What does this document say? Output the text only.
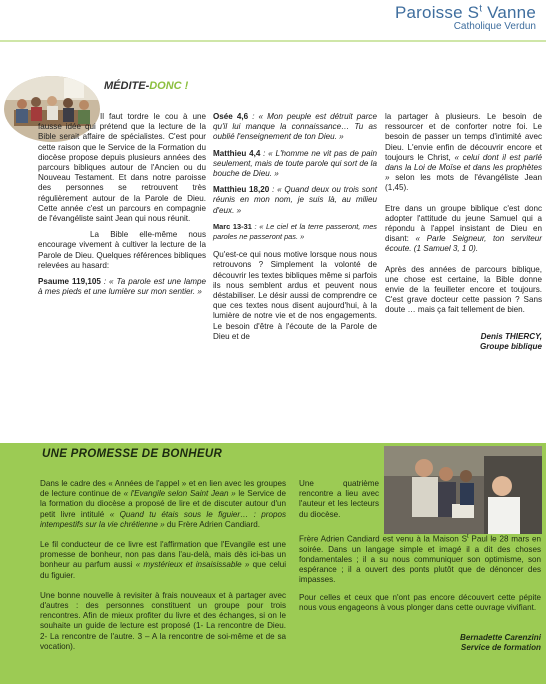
Paroisse $S^t$ Vanne
Catholique Verdun
MÉDITE-DONC !

Il faut tordre le cou à une fausse idée qui prétend que la lecture de la Bible serait affaire de spécialistes. C'est pour cette raison que le Service de la Formation du diocèse propose depuis plusieurs années des parcours bibliques autour de l'Ancien ou du Nouveau Testament. Et dans notre paroisse des personnes se retrouvent très régulièrement autour de la Parole de Dieu. Cette année c'est un parcours en compagnie de l'évangéliste saint Jean qui nous réunit.

La Bible elle-même nous encourage vivement à cultiver la lecture de la Parole de Dieu. Quelques références bibliques relevées au hasard:

Psaume 119,105 : « Ta parole est une lampe à mes pieds et une lumière sur mon sentier. »

Osée 4,6 : « Mon peuple est détruit parce qu'il lui manque la connaissance… Tu as oublié l'enseignement de ton Dieu. »

Matthieu 4,4 : « L'homme ne vit pas de pain seulement, mais de toute parole qui sort de la bouche de Dieu. »

Matthieu 18,20 : « Quand deux ou trois sont réunis en mon nom, je suis là, au milieu d'eux. »

Marc 13-31 : « Le ciel et la terre passeront, mes paroles ne passeront pas. »

Qu'est-ce qui nous motive lorsque nous nous retrouvons ? Simplement la volonté de découvrir les textes bibliques même si parfois ils nous semblent ardus et peuvent nous déstabiliser. Le désir aussi de comprendre ce que ces textes nous disent aujourd'hui, à la lumière de notre vie et de nos engagements. Le besoin d'être à l'écoute de la Parole de Dieu et de

la partager à plusieurs. Le besoin de ressourcer et de conforter notre foi. Le besoin de passer un temps d'intimité avec Dieu. L'envie enfin de découvrir encore et toujours le Christ, « celui dont il est parlé dans la Loi de Moïse et dans les prophètes » selon les mots de l'évangéliste Jean (1,45).

Etre dans un groupe biblique c'est donc adopter l'attitude du jeune Samuel qui a répondu à l'appel insistant de Dieu en disant: « Parle Seigneur, ton serviteur écoute. (1 Samuel 3, 1 0).

Après des années de parcours biblique, une chose est certaine, la Bible donne envie de la feuilleter encore et toujours. C'est grave docteur cette passion ? Sans doute … mais ça fait tellement de bien.

Denis THIERCY,
Groupe biblique
UNE PROMESSE DE BONHEUR

Dans le cadre des « Années de l'appel » et en lien avec les groupes de lecture continue de « l'Evangile selon Saint Jean » le Service de la formation du diocèse a proposé de lire et de discuter autour d'un petit livre intitulé « Quand tu étais sous le figuier… : propos intempestifs sur la vie chrétienne » du Frère Adrien Candiard.

Le fil conducteur de ce livre est l'affirmation que l'Evangile est une promesse de bonheur, non pas dans l'au-delà, mais dès ici-bas un bonheur au parfum aussi « mystérieux et insaisissable » que celui du figuier.

Une bonne nouvelle à revisiter à frais nouveaux et à partager avec d'autres : des personnes constituent un groupe pour trois rencontres. Afin de mieux profiter du livre et des échanges, si on le souhaite un guide de lecture est proposé (1- La rencontre de Dieu. 2- La rencontre de l'autre. 3 – A la rencontre de soi-même et de sa vocation).

Une quatrième rencontre a lieu avec l'auteur et les lecteurs du diocèse.

Frère Adrien Candiard est venu à la Maison $S^t$ Paul le 28 mars en soirée. Dans un langage simple et imagé il a dit des choses fondamentales ; il a su nous communiquer son optimisme, son espérance ; il a ouvert des ponts plutôt que de dénoncer des impasses.

Pour celles et ceux que n'ont pas encore découvert cette pépite nous vous engageons à vous plonger dans cette ouvrage vivifiant.

Bernadette Carenzini
Service de formation
